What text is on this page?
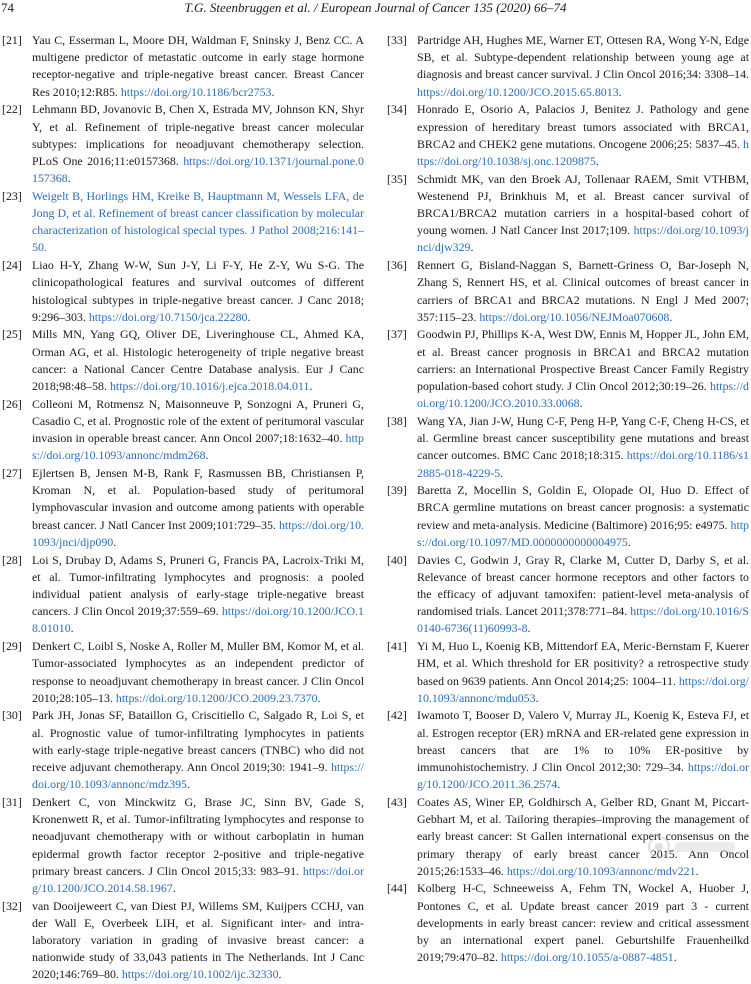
74	T.G. Steenbruggen et al. / European Journal of Cancer 135 (2020) 66–74

[21] Yau C, Esserman L, Moore DH, Waldman F, Sninsky J, Benz CC. A multigene predictor of metastatic outcome in early stage hormone receptor-negative and triple-negative breast cancer. Breast Cancer Res 2010;12:R85. https://doi.org/10.1186/bcr2753.

[22] Lehmann BD, Jovanovic B, Chen X, Estrada MV, Johnson KN, Shyr Y, et al. Refinement of triple-negative breast cancer molecular subtypes: implications for neoadjuvant chemotherapy selection. PLoS One 2016;11:e0157368. https://doi.org/10.1371/journal.pone.0157368.

[23] Weigelt B, Horlings HM, Kreike B, Hauptmann M, Wessels LFA, de Jong D, et al. Refinement of breast cancer classification by molecular characterization of histological special types. J Pathol 2008;216:141–50.

[24] Liao H-Y, Zhang W-W, Sun J-Y, Li F-Y, He Z-Y, Wu S-G. The clinicopathological features and survival outcomes of different histological subtypes in triple-negative breast cancer. J Canc 2018; 9:296–303. https://doi.org/10.7150/jca.22280.

[25] Mills MN, Yang GQ, Oliver DE, Liveringhouse CL, Ahmed KA, Orman AG, et al. Histologic heterogeneity of triple negative breast cancer: a National Cancer Centre Database analysis. Eur J Canc 2018;98:48–58. https://doi.org/10.1016/j.ejca.2018.04.011.

[26] Colleoni M, Rotmensz N, Maisonneuve P, Sonzogni A, Pruneri G, Casadio C, et al. Prognostic role of the extent of peritumoral vascular invasion in operable breast cancer. Ann Oncol 2007;18:1632–40. https://doi.org/10.1093/annonc/mdm268.

[27] Ejlertsen B, Jensen M-B, Rank F, Rasmussen BB, Christiansen P, Kroman N, et al. Population-based study of peritumoral lymphovascular invasion and outcome among patients with operable breast cancer. J Natl Cancer Inst 2009;101:729–35. https://doi.org/10.1093/jnci/djp090.

[28] Loi S, Drubay D, Adams S, Pruneri G, Francis PA, Lacroix-Triki M, et al. Tumor-infiltrating lymphocytes and prognosis: a pooled individual patient analysis of early-stage triple-negative breast cancers. J Clin Oncol 2019;37:559–69. https://doi.org/10.1200/JCO.18.01010.

[29] Denkert C, Loibl S, Noske A, Roller M, Muller BM, Komor M, et al. Tumor-associated lymphocytes as an independent predictor of response to neoadjuvant chemotherapy in breast cancer. J Clin Oncol 2010;28:105–13. https://doi.org/10.1200/JCO.2009.23.7370.

[30] Park JH, Jonas SF, Bataillon G, Criscitiello C, Salgado R, Loi S, et al. Prognostic value of tumor-infiltrating lymphocytes in patients with early-stage triple-negative breast cancers (TNBC) who did not receive adjuvant chemotherapy. Ann Oncol 2019;30: 1941–9. https://doi.org/10.1093/annonc/mdz395.

[31] Denkert C, von Minckwitz G, Brase JC, Sinn BV, Gade S, Kronenwett R, et al. Tumor-infiltrating lymphocytes and response to neoadjuvant chemotherapy with or without carboplatin in human epidermal growth factor receptor 2-positive and triple-negative primary breast cancers. J Clin Oncol 2015;33: 983–91. https://doi.org/10.1200/JCO.2014.58.1967.

[32] van Dooijeweert C, van Diest PJ, Willems SM, Kuijpers CCHJ, van der Wall E, Overbeek LIH, et al. Significant inter- and intra-laboratory variation in grading of invasive breast cancer: a nationwide study of 33,043 patients in The Netherlands. Int J Canc 2020;146:769–80. https://doi.org/10.1002/ijc.32330.

[33] Partridge AH, Hughes ME, Warner ET, Ottesen RA, Wong Y-N, Edge SB, et al. Subtype-dependent relationship between young age at diagnosis and breast cancer survival. J Clin Oncol 2016;34: 3308–14. https://doi.org/10.1200/JCO.2015.65.8013.

[34] Honrado E, Osorio A, Palacios J, Benitez J. Pathology and gene expression of hereditary breast tumors associated with BRCA1, BRCA2 and CHEK2 gene mutations. Oncogene 2006;25: 5837–45. https://doi.org/10.1038/sj.onc.1209875.

[35] Schmidt MK, van den Broek AJ, Tollenaar RAEM, Smit VTHBM, Westenend PJ, Brinkhuis M, et al. Breast cancer survival of BRCA1/BRCA2 mutation carriers in a hospital-based cohort of young women. J Natl Cancer Inst 2017;109. https://doi.org/10.1093/jnci/djw329.

[36] Rennert G, Bisland-Naggan S, Barnett-Griness O, Bar-Joseph N, Zhang S, Rennert HS, et al. Clinical outcomes of breast cancer in carriers of BRCA1 and BRCA2 mutations. N Engl J Med 2007; 357:115–23. https://doi.org/10.1056/NEJMoa070608.

[37] Goodwin PJ, Phillips K-A, West DW, Ennis M, Hopper JL, John EM, et al. Breast cancer prognosis in BRCA1 and BRCA2 mutation carriers: an International Prospective Breast Cancer Family Registry population-based cohort study. J Clin Oncol 2012;30:19–26. https://doi.org/10.1200/JCO.2010.33.0068.

[38] Wang YA, Jian J-W, Hung C-F, Peng H-P, Yang C-F, Cheng H-CS, et al. Germline breast cancer susceptibility gene mutations and breast cancer outcomes. BMC Canc 2018;18:315. https://doi.org/10.1186/s12885-018-4229-5.

[39] Baretta Z, Mocellin S, Goldin E, Olopade OI, Huo D. Effect of BRCA germline mutations on breast cancer prognosis: a systematic review and meta-analysis. Medicine (Baltimore) 2016;95: e4975. https://doi.org/10.1097/MD.0000000000004975.

[40] Davies C, Godwin J, Gray R, Clarke M, Cutter D, Darby S, et al. Relevance of breast cancer hormone receptors and other factors to the efficacy of adjuvant tamoxifen: patient-level meta-analysis of randomised trials. Lancet 2011;378:771–84. https://doi.org/10.1016/S0140-6736(11)60993-8.

[41] Yi M, Huo L, Koenig KB, Mittendorf EA, Meric-Bernstam F, Kuerer HM, et al. Which threshold for ER positivity? a retrospective study based on 9639 patients. Ann Oncol 2014;25: 1004–11. https://doi.org/10.1093/annonc/mdu053.

[42] Iwamoto T, Booser D, Valero V, Murray JL, Koenig K, Esteva FJ, et al. Estrogen receptor (ER) mRNA and ER-related gene expression in breast cancers that are 1% to 10% ER-positive by immunohistochemistry. J Clin Oncol 2012;30: 729–34. https://doi.org/10.1200/JCO.2011.36.2574.

[43] Coates AS, Winer EP, Goldhirsch A, Gelber RD, Gnant M, Piccart-Gebhart M, et al. Tailoring therapies–improving the management of early breast cancer: St Gallen international expert consensus on the primary therapy of early breast cancer 2015. Ann Oncol 2015;26:1533–46. https://doi.org/10.1093/annonc/mdv221.

[44] Kolberg H-C, Schneeweiss A, Fehm TN, Wockel A, Huober J, Pontones C, et al. Update breast cancer 2019 part 3 - current developments in early breast cancer: review and critical assessment by an international expert panel. Geburtshilfe Frauenheilkd 2019;79:470–82. https://doi.org/10.1055/a-0887-4851.
